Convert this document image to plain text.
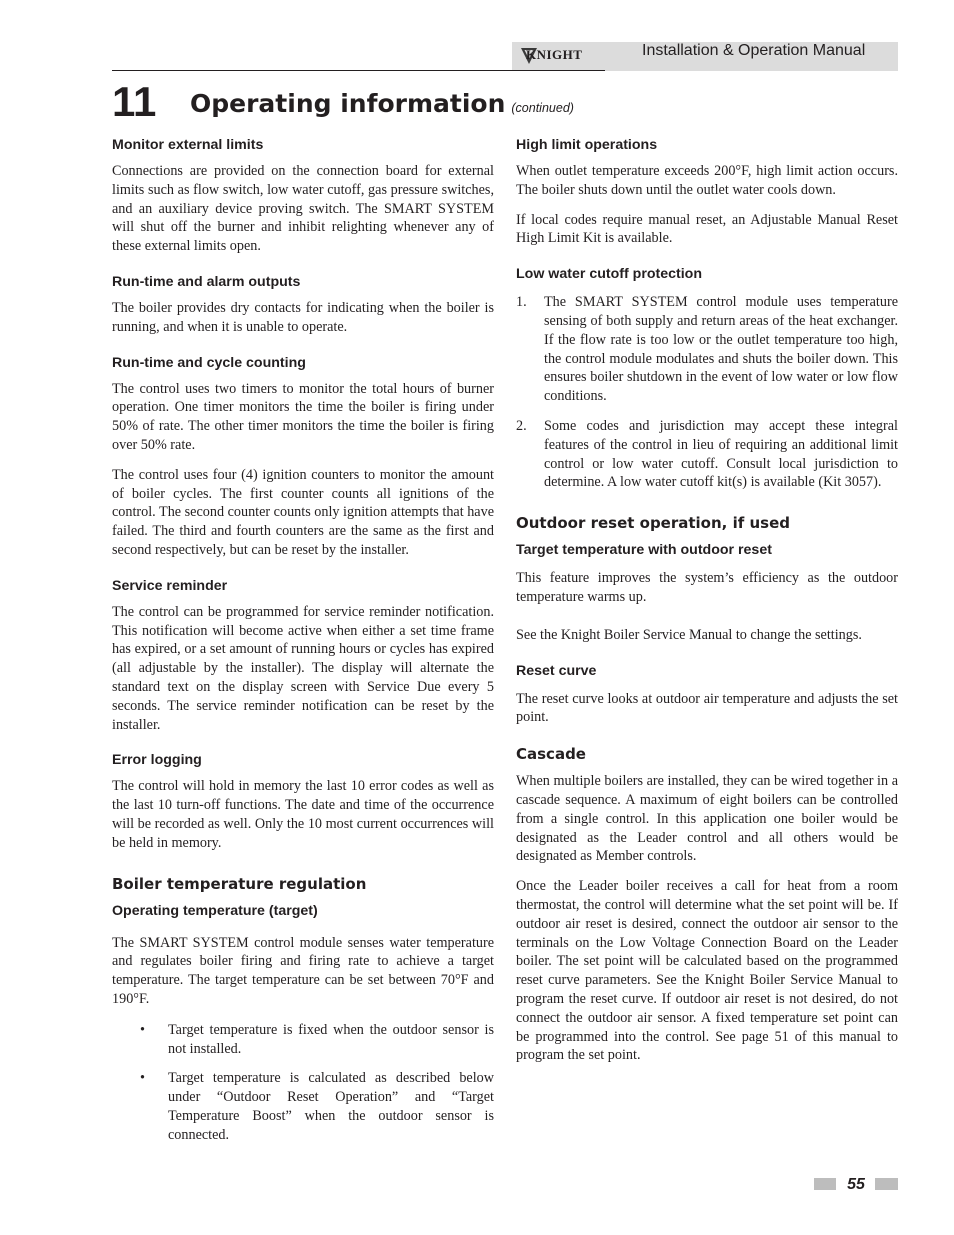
KNIGHT	Installation & Operation Manual
11 Operating information (continued)
Monitor external limits

Connections are provided on the connection board for external limits such as flow switch, low water cutoff, gas pressure switches, and an auxiliary device proving switch. The SMART SYSTEM will shut off the burner and inhibit relighting whenever any of these external limits open.

Run-time and alarm outputs

The boiler provides dry contacts for indicating when the boiler is running, and when it is unable to operate.

Run-time and cycle counting

The control uses two timers to monitor the total hours of burner operation. One timer monitors the time the boiler is firing under 50% of rate. The other timer monitors the time the boiler is firing over 50% rate.

The control uses four (4) ignition counters to monitor the amount of boiler cycles. The first counter counts all ignitions of the control. The second counter counts only ignition attempts that have failed. The third and fourth counters are the same as the first and second respectively, but can be reset by the installer.

Service reminder

The control can be programmed for service reminder notification. This notification will become active when either a set time frame has expired, or a set amount of running hours or cycles has expired (all adjustable by the installer). The display will alternate the standard text on the display screen with Service Due every 5 seconds. The service reminder notification can be reset by the installer.

Error logging

The control will hold in memory the last 10 error codes as well as the last 10 turn-off functions. The date and time of the occurrence will be recorded as well. Only the 10 most current occurrences will be held in memory.

Boiler temperature regulation
Operating temperature (target)

The SMART SYSTEM control module senses water temperature and regulates boiler firing and firing rate to achieve a target temperature. The target temperature can be set between 70°F and 190°F.

• Target temperature is fixed when the outdoor sensor is not installed.
• Target temperature is calculated as described below under “Outdoor Reset Operation” and “Target Temperature Boost” when the outdoor sensor is connected.
High limit operations

When outlet temperature exceeds 200°F, high limit action occurs. The boiler shuts down until the outlet water cools down.

If local codes require manual reset, an Adjustable Manual Reset High Limit Kit is available.

Low water cutoff protection
1. The SMART SYSTEM control module uses temperature sensing of both supply and return areas of the heat exchanger. If the flow rate is too low or the outlet temperature too high, the control module modulates and shuts the boiler down. This ensures boiler shutdown in the event of low water or low flow conditions.
2. Some codes and jurisdiction may accept these integral features of the control in lieu of requiring an additional limit control or low water cutoff. Consult local jurisdiction to determine. A low water cutoff kit(s) is available (Kit 3057).
Outdoor reset operation, if used
Target temperature with outdoor reset

This feature improves the system’s efficiency as the outdoor temperature warms up.

See the Knight Boiler Service Manual to change the settings.

Reset curve

The reset curve looks at outdoor air temperature and adjusts the set point.

Cascade

When multiple boilers are installed, they can be wired together in a cascade sequence. A maximum of eight boilers can be controlled from a single control. In this application one boiler would be designated as the Leader control and all others would be designated as Member controls.

Once the Leader boiler receives a call for heat from a room thermostat, the control will determine what the set point will be. If outdoor air reset is desired, connect the outdoor air sensor to the terminals on the Low Voltage Connection Board on the Leader boiler. The set point will be calculated based on the programmed reset curve parameters. See the Knight Boiler Service Manual to program the reset curve. If outdoor air reset is not desired, do not connect the outdoor air sensor. A fixed temperature set point can be programmed into the control. See page 51 of this manual to program the set point.

55
